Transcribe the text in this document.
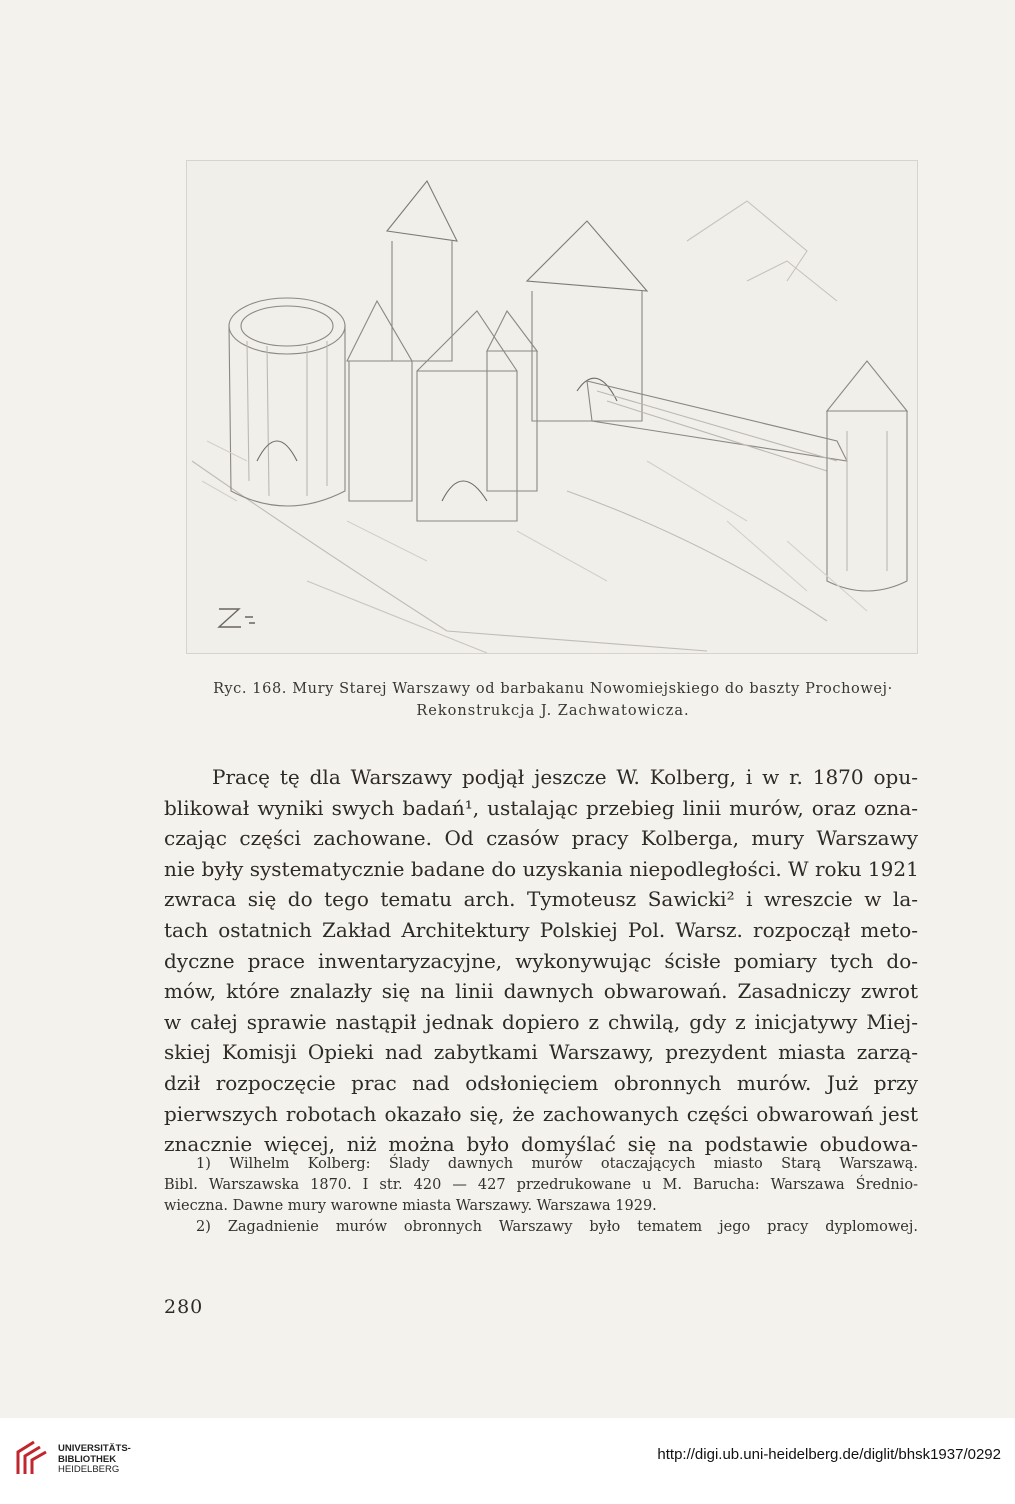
Ryc. 168. Mury Starej Warszawy od barbakanu Nowomiejskiego do baszty Prochowej·
Rekonstrukcja J. Zachwatowicza.
Pracę tę dla Warszawy podjął jeszcze W. Kolberg, i w r. 1870 opu-
blikował wyniki swych badań¹, ustalając przebieg linii murów, oraz ozna-
czając części zachowane. Od czasów pracy Kolberga, mury Warszawy
nie były systematycznie badane do uzyskania niepodległości. W roku 1921
zwraca się do tego tematu arch. Tymoteusz Sawicki² i wreszcie w la-
tach ostatnich Zakład Architektury Polskiej Pol. Warsz. rozpoczął meto-
dyczne prace inwentaryzacyjne, wykonywując ścisłe pomiary tych do-
mów, które znalazły się na linii dawnych obwarowań. Zasadniczy zwrot
w całej sprawie nastąpił jednak dopiero z chwilą, gdy z inicjatywy Miej-
skiej Komisji Opieki nad zabytkami Warszawy, prezydent miasta zarzą-
dził rozpoczęcie prac nad odsłonięciem obronnych murów. Już przy
pierwszych robotach okazało się, że zachowanych części obwarowań jest
znacznie więcej, niż można było domyślać się na podstawie obudowa-
1) Wilhelm Kolberg: Ślady dawnych murów otaczających miasto Starą Warszawą.
Bibl. Warszawska 1870. I str. 420 — 427 przedrukowane u M. Barucha: Warszawa Średnio-
wieczna. Dawne mury warowne miasta Warszawy. Warszawa 1929.
2) Zagadnienie murów obronnych Warszawy było tematem jego pracy dyplomowej.
280
UNIVERSITÄTS-
BIBLIOTHEK
HEIDELBERG
http://digi.ub.uni-heidelberg.de/diglit/bhsk1937/0292
